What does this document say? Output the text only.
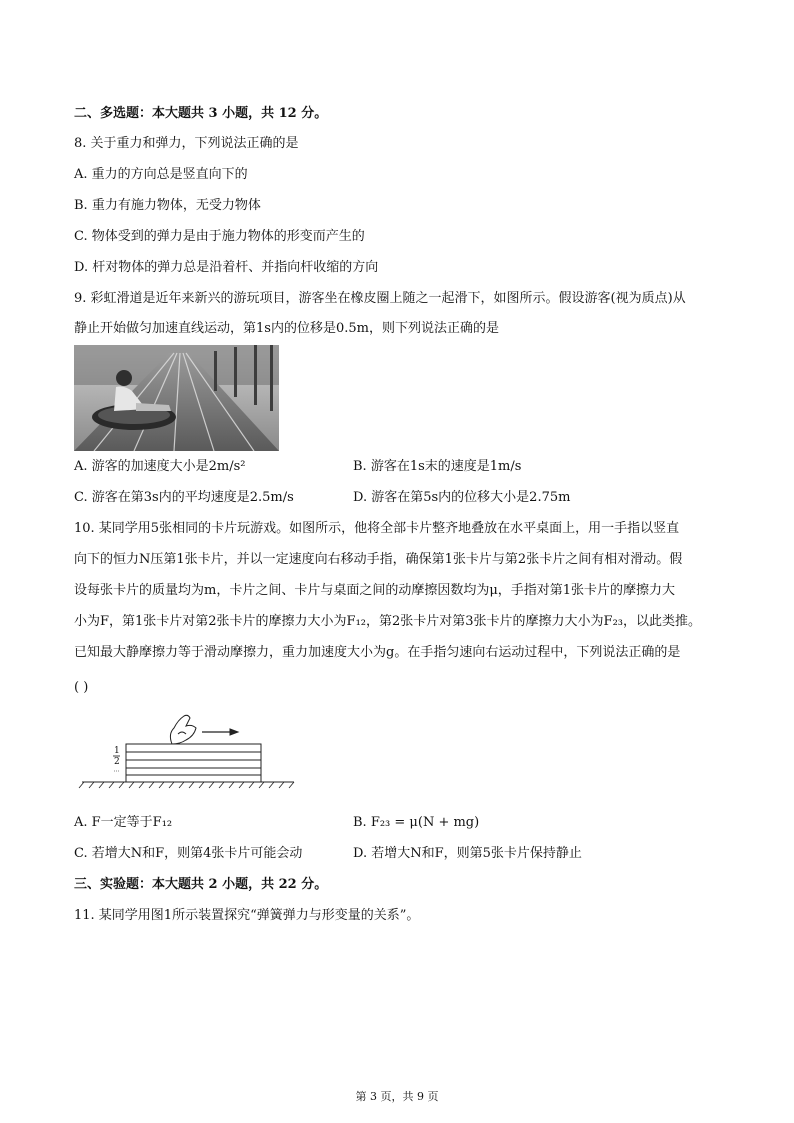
二、多选题：本大题共 3 小题，共 12 分。
8. 关于重力和弹力，下列说法正确的是
A. 重力的方向总是竖直向下的
B. 重力有施力物体，无受力物体
C. 物体受到的弹力是由于施力物体的形变而产生的
D. 杆对物体的弹力总是沿着杆、并指向杆收缩的方向
9. 彩虹滑道是近年来新兴的游玩项目，游客坐在橡皮圈上随之一起滑下，如图所示。假设游客(视为质点)从
静止开始做匀加速直线运动，第1s内的位移是0.5m，则下列说法正确的是
A. 游客的加速度大小是2m/s²	B. 游客在1s末的速度是1m/s
C. 游客在第3s内的平均速度是2.5m/s	D. 游客在第5s内的位移大小是2.75m
10. 某同学用5张相同的卡片玩游戏。如图所示，他将全部卡片整齐地叠放在水平桌面上，用一手指以竖直
向下的恒力N压第1张卡片，并以一定速度向右移动手指，确保第1张卡片与第2张卡片之间有相对滑动。假
设每张卡片的质量均为m，卡片之间、卡片与桌面之间的动摩擦因数均为μ，手指对第1张卡片的摩擦力大
小为F，第1张卡片对第2张卡片的摩擦力大小为F₁₂，第2张卡片对第3张卡片的摩擦力大小为F₂₃，以此类推。
已知最大静摩擦力等于滑动摩擦力，重力加速度大小为g。在手指匀速向右运动过程中，下列说法正确的是
( )
1
2
A. F一定等于F₁₂	B. F₂₃ = μ(N + mg)
C. 若增大N和F，则第4张卡片可能会动	D. 若增大N和F，则第5张卡片保持静止
三、实验题：本大题共 2 小题，共 22 分。
11. 某同学用图1所示装置探究“弹簧弹力与形变量的关系”。
第 3 页，共 9 页
